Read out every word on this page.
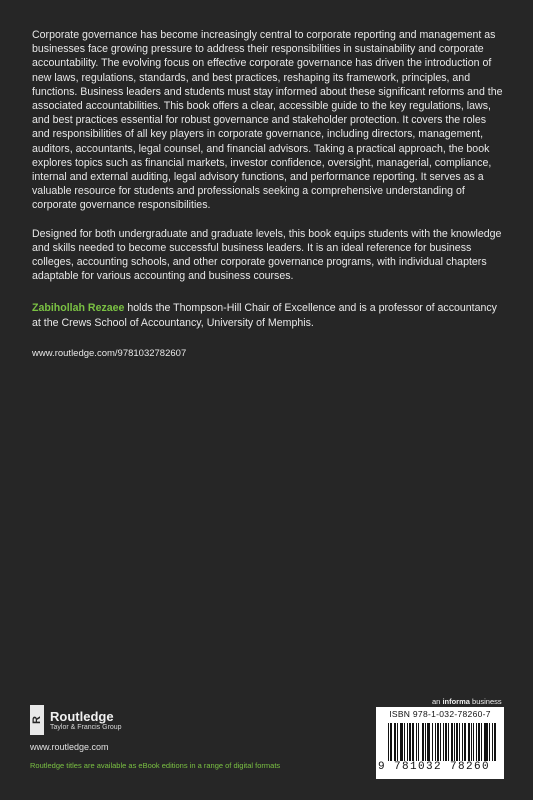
Corporate governance has become increasingly central to corporate reporting and management as businesses face growing pressure to address their responsibilities in sustainability and corporate accountability. The evolving focus on effective corporate governance has driven the introduction of new laws, regulations, standards, and best practices, reshaping its framework, principles, and functions. Business leaders and students must stay informed about these significant reforms and the associated accountabilities. This book offers a clear, accessible guide to the key regulations, laws, and best practices essential for robust governance and stakeholder protection. It covers the roles and responsibilities of all key players in corporate governance, including directors, management, auditors, accountants, legal counsel, and financial advisors. Taking a practical approach, the book explores topics such as financial markets, investor confidence, oversight, managerial, compliance, internal and external auditing, legal advisory functions, and performance reporting. It serves as a valuable resource for students and professionals seeking a comprehensive understanding of corporate governance responsibilities.

Designed for both undergraduate and graduate levels, this book equips students with the knowledge and skills needed to become successful business leaders. It is an ideal reference for business colleges, accounting schools, and other corporate governance programs, with individual chapters adaptable for various accounting and business courses.

Zabihollah Rezaee holds the Thompson-Hill Chair of Excellence and is a professor of accountancy at the Crews School of Accountancy, University of Memphis.

www.routledge.com/9781032782607
R Routledge
Taylor & Francis Group
www.routledge.com
Routledge titles are available as eBook editions in a range of digital formats
an informa business
ISBN 978-1-032-78260-7
9 781032 78260
